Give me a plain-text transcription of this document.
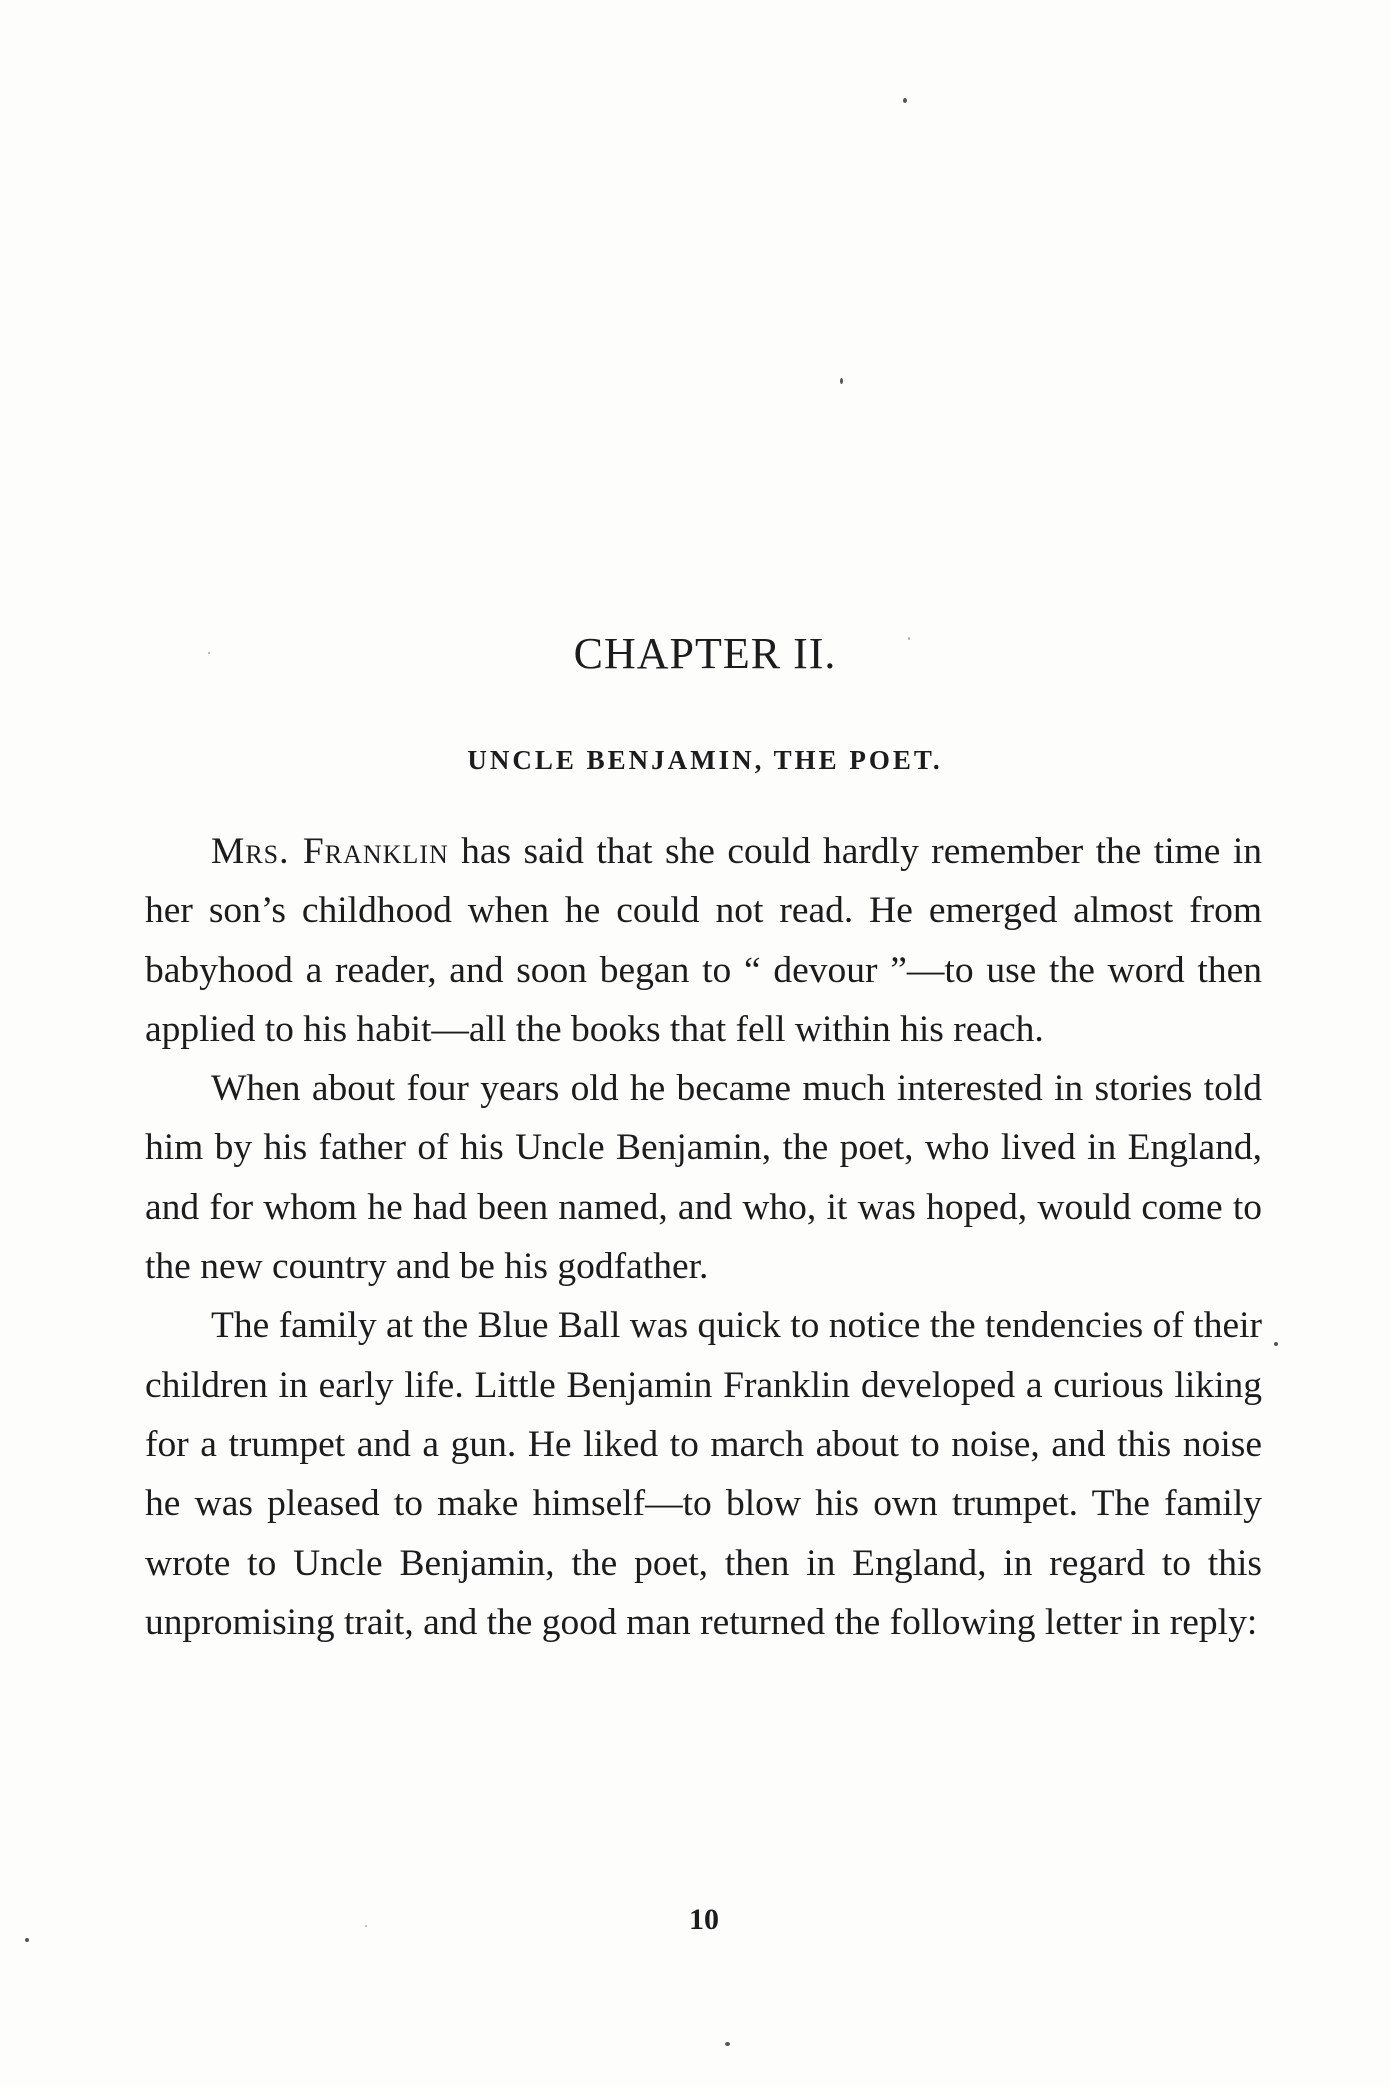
CHAPTER II.
UNCLE BENJAMIN, THE POET.

Mrs. Franklin has said that she could hardly remember the time in her son’s childhood when he could not read. He emerged almost from babyhood a reader, and soon began to “ devour ”—to use the word then applied to his habit—all the books that fell within his reach.

When about four years old he became much interested in stories told him by his father of his Uncle Benjamin, the poet, who lived in England, and for whom he had been named, and who, it was hoped, would come to the new country and be his godfather.

The family at the Blue Ball was quick to notice the tendencies of their children in early life. Little Benjamin Franklin developed a curious liking for a trumpet and a gun. He liked to march about to noise, and this noise he was pleased to make himself—to blow his own trumpet. The family wrote to Uncle Benjamin, the poet, then in England, in regard to this unpromising trait, and the good man returned the following letter in reply:

10
